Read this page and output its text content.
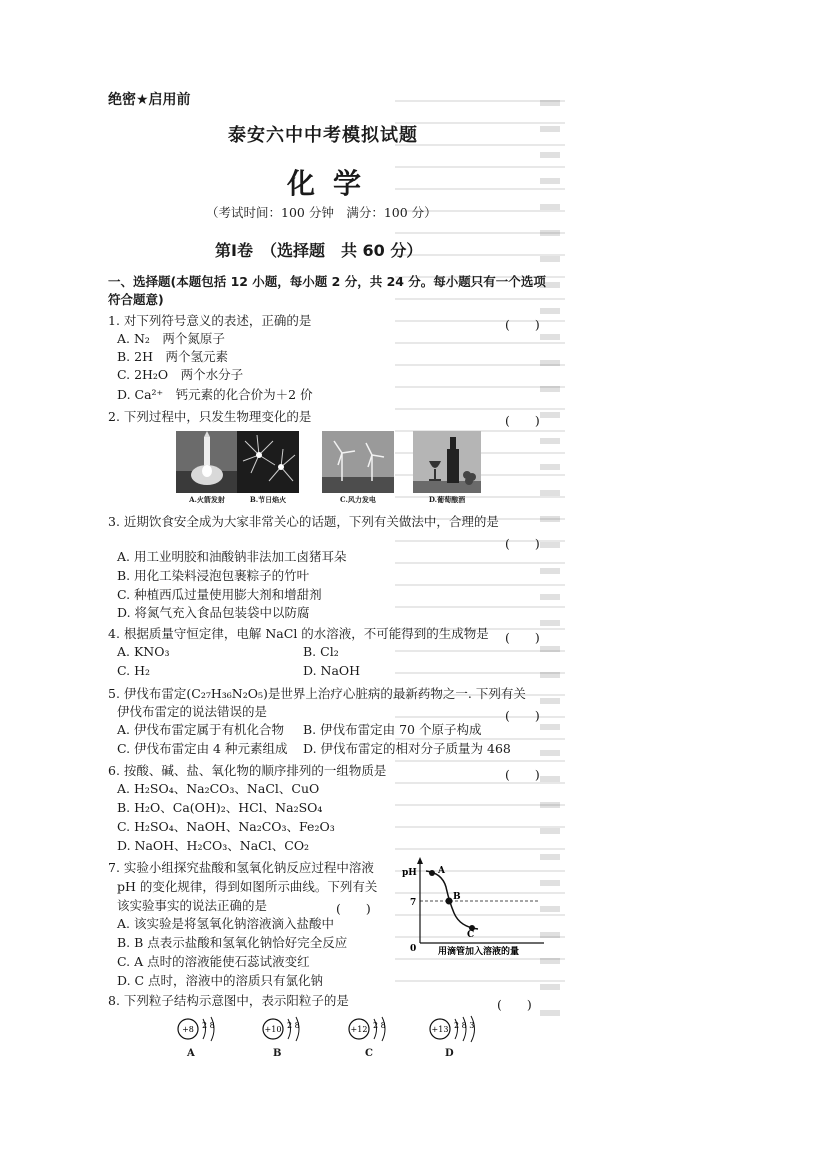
绝密★启用前
泰安六中中考模拟试题
化学
（考试时间：100 分钟　满分：100 分）
第Ⅰ卷　（选择题　共 60 分）
一、选择题(本题包括 12 小题，每小题 2 分，共 24 分。每小题只有一个选项符合题意)
1. 对下列符号意义的表述，正确的是	(　　)
A. N₂　两个氮原子
B. 2H　两个氢元素
C. 2H₂O　两个水分子
D. Ca²⁺　钙元素的化合价为＋2 价
2. 下列过程中，只发生物理变化的是	(　　)
A.火箭发射	B.节日焰火	C.风力发电	D.葡萄酿酒
3. 近期饮食安全成为大家非常关心的话题，下列有关做法中，合理的是
(　　)
A. 用工业明胶和油酸钠非法加工卤猪耳朵
B. 用化工染料浸泡包裹粽子的竹叶
C. 种植西瓜过量使用膨大剂和增甜剂
D. 将氮气充入食品包装袋中以防腐
4. 根据质量守恒定律，电解 NaCl 的水溶液，不可能得到的生成物是 (　　)
A. KNO₃	B. Cl₂
C. H₂	D. NaOH
5. 伊伐布雷定(C₂₇H₃₆N₂O₅)是世界上治疗心脏病的最新药物之一. 下列有关
伊伐布雷定的说法错误的是	(　　)
A. 伊伐布雷定属于有机化合物 B. 伊伐布雷定由 70 个原子构成
C. 伊伐布雷定由 4 种元素组成 D. 伊伐布雷定的相对分子质量为 468
6. 按酸、碱、盐、氧化物的顺序排列的一组物质是	(　　)
A. H₂SO₄、Na₂CO₃、NaCl、CuO
B. H₂O、Ca(OH)₂、HCl、Na₂SO₄
C. H₂SO₄、NaOH、Na₂CO₃、Fe₂O₃
D. NaOH、H₂CO₃、NaCl、CO₂
7. 实验小组探究盐酸和氢氧化钠反应过程中溶液
pH 的变化规律，得到如图所示曲线。下列有关
该实验事实的说法正确的是	(　　)
A. 该实验是将氢氧化钠溶液滴入盐酸中
B. B 点表示盐酸和氢氧化钠恰好完全反应
C. A 点时的溶液能使石蕊试液变红
D. C 点时，溶液中的溶质只有氯化钠
pH A
B
C
7
0 用滴管加入溶液的量
8. 下列粒子结构示意图中，表示阳粒子的是	(　　)
+8 2 8	+10 2 8	+12 2 8	+13 2 8 3
A	B	C	D
